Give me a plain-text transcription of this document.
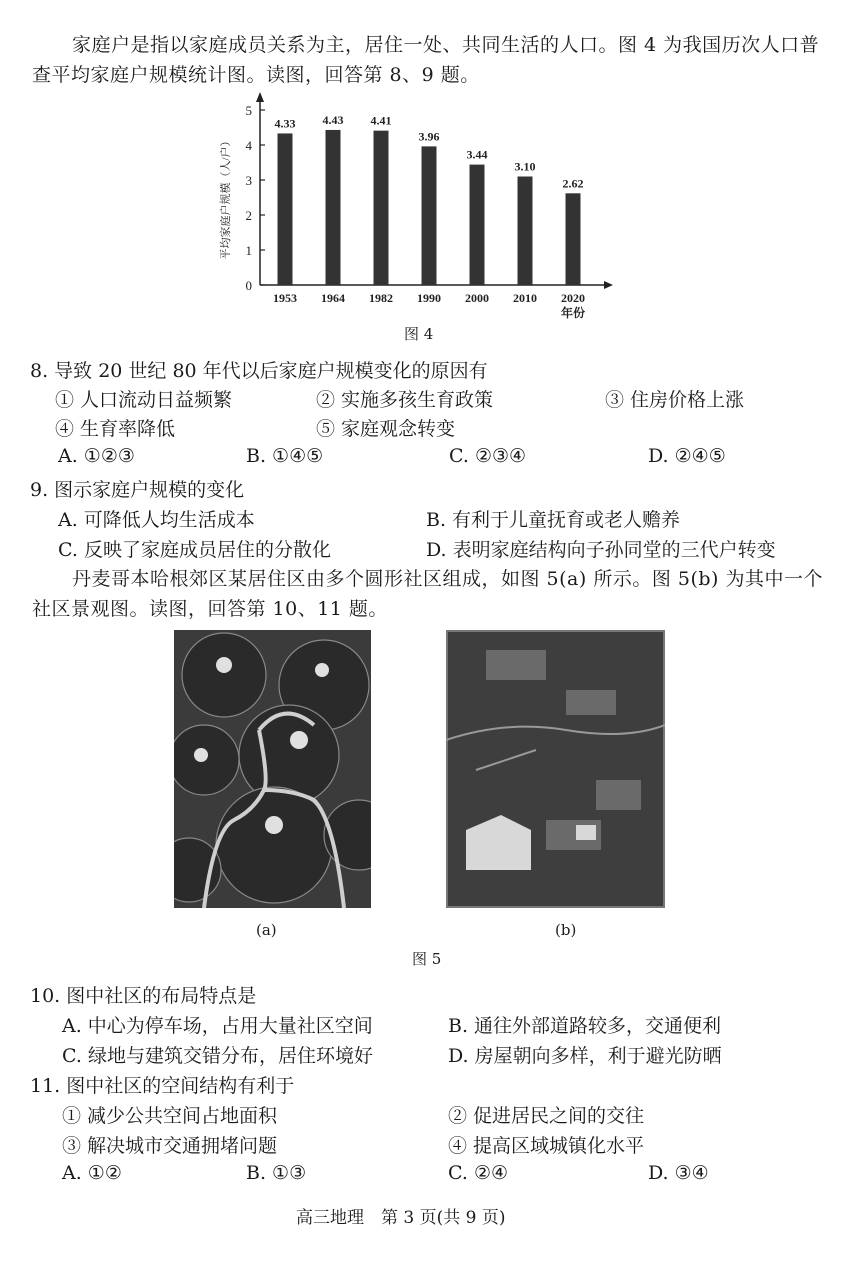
家庭户是指以家庭成员关系为主，居住一处、共同生活的人口。图 4 为我国历次人口普查平均家庭户规模统计图。读图，回答第 8、9 题。
0
1
2
3
4
5
平均家庭户规模（人/户）
4.33
1953
4.43
1964
4.41
1982
3.96
1990
3.44
2000
3.10
2010
2.62
2020
年份
图 4
8. 导致 20 世纪 80 年代以后家庭户规模变化的原因有
① 人口流动日益频繁	② 实施多孩生育政策	③ 住房价格上涨
④ 生育率降低	⑤ 家庭观念转变
A. ①②③	B. ①④⑤	C. ②③④	D. ②④⑤
9. 图示家庭户规模的变化
A. 可降低人均生活成本	B. 有利于儿童抚育或老人赡养
C. 反映了家庭成员居住的分散化	D. 表明家庭结构向子孙同堂的三代户转变
丹麦哥本哈根郊区某居住区由多个圆形社区组成，如图 5(a) 所示。图 5(b) 为其中一个社区景观图。读图，回答第 10、11 题。
(a)	(b)
图 5
10. 图中社区的布局特点是
A. 中心为停车场，占用大量社区空间	B. 通往外部道路较多，交通便利
C. 绿地与建筑交错分布，居住环境好	D. 房屋朝向多样，利于避光防晒
11. 图中社区的空间结构有利于
① 减少公共空间占地面积	② 促进居民之间的交往
③ 解决城市交通拥堵问题	④ 提高区域城镇化水平
A. ①②	B. ①③	C. ②④	D. ③④
高三地理　第 3 页(共 9 页)
